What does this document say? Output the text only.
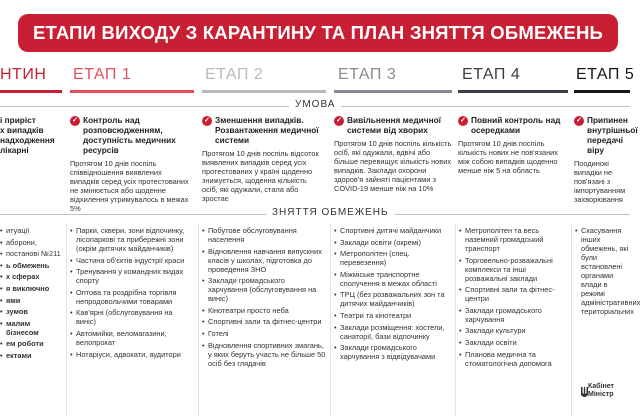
ЕТАПИ ВИХОДУ З КАРАНТИНУ ТА ПЛАН ЗНЯТТЯ ОБМЕЖЕНЬ
НТИН	ЕТАП 1	ЕТАП 2	ЕТАП 3	ЕТАП 4	ЕТАП 5
УМОВА
і приріст
х випадків
надходження
лікарні
✓ Контроль над розповсюдженням, доступність медичних ресурсів
Протягом 10 днів поспіль співвідношення виявлених випадків серед усіх протестованих не змінюється або щоденне відхилення утримувалось в межах 5%
✓ Зменшення випадків. Розвантаження медичної системи
Протягом 10 днів поспіль відсоток виявлених випадків серед усіх протестованих у країні щоденно знижується, щоденна кількість осіб, які одужали, стала або зростає
✓ Вивільнення медичної системи від хворих
Протягом 10 днів поспіль кількість осіб, які одужали, вдвічі або більше перевищує кількість нових випадків. Заклади охорони здоров'я зайняті пацієнтами з COVID-19 менше ніж на 10%
✓ Повний контроль над осередками
Протягом 10 днів поспіль кількість нових не пов'язаних між собою випадків щоденно менше ніж 5 на область
✓ Припинен
внутрішньої
передачі віру
Поодинокі випадки не пов'язані з імпортуванням захворювання
ЗНЯТТЯ ОБМЕЖЕНЬ
• итуації
• аборони,
• постанові №211
• ь обмежень
• х сферах
• я виключно
• ями
• зумов
• малим бізнесом
• ем роботи
• ектами
• Парки, сквери, зони відпочинку, лісопаркові та прибережні зони (окрім дитячих майданчиків)
• Частина об'єктів індустрії краси
• Тренування у командних видах спорту
• Оптова та роздрібна торгівля непродовольчими товарами
• Кав'ярні (обслуговування на виніс)
• Автомийки, веломагазини, велопрокат
• Нотаріуси, адвокати, аудитори
• Побутове обслуговування населення
• Відновлення навчання випускних класів у школах, підготовка до проведення ЗНО
• Заклади громадського харчування (обслуговування на виніс)
• Кінотеатри просто неба
• Спортивні зали та фітнес-центри
• Готелі
• Відновлення спортивних змагань, у яких беруть участь не більше 50 осіб без глядачів
• Спортивні дитячі майданчики
• Заклади освіти (окремі)
• Метрополітен (спец. перевезення)
• Міжміське транспортне сполучення в межах області
• ТРЦ (без розважальних зон та дитячих майданчиків)
• Театри та кінотеатри
• Заклади розміщення: хостели, санаторії, бази відпочинку
• Заклади громадського харчування з відвідувачами
• Метрополітен та весь наземний громадський транспорт
• Торговельно-розважальні комплекси та інші розважальні заклади
• Спортивні зали та фітнес-центри
• Заклади громадського харчування
• Заклади культури
• Заклади освіти
• Планова медична та стоматологічна допомога
• Скасування інших обмежень, які були встановлені органами влади в режимі адміністративних територіальних
Кабінет
Міністр
